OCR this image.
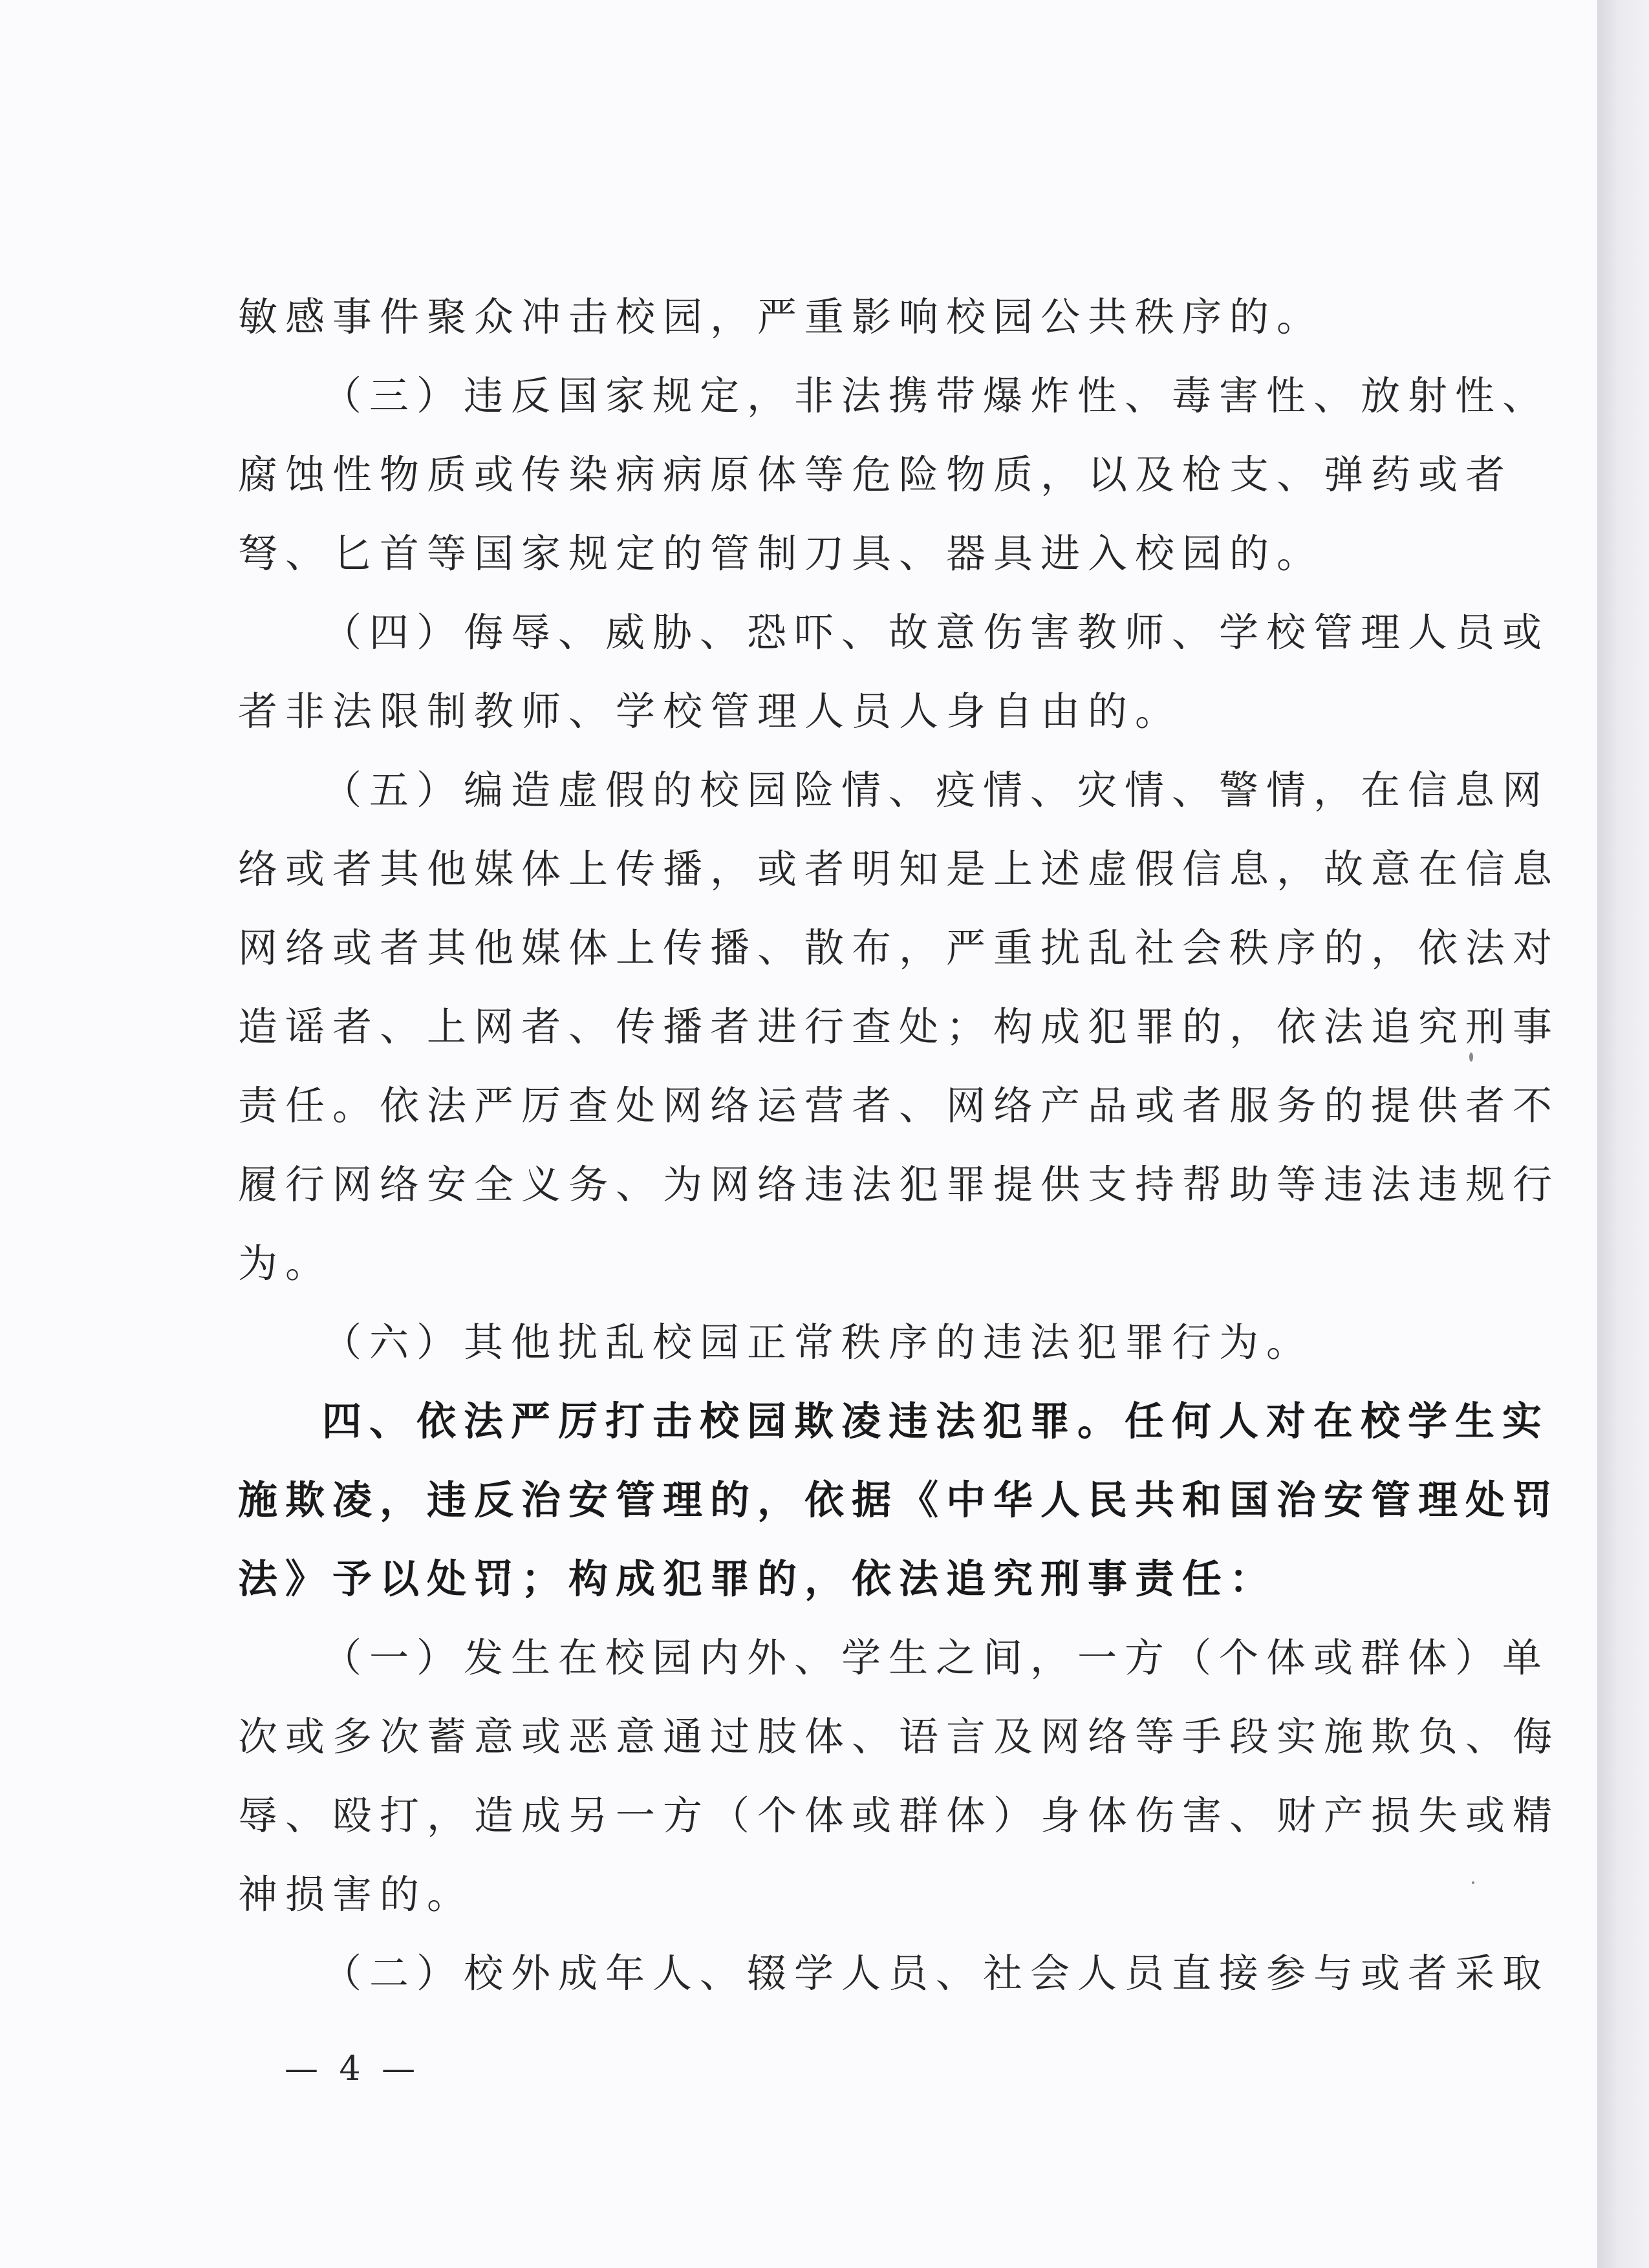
敏感事件聚众冲击校园，严重影响校园公共秩序的。
（三）违反国家规定，非法携带爆炸性、毒害性、放射性、
腐蚀性物质或传染病病原体等危险物质，以及枪支、弹药或者
弩、匕首等国家规定的管制刀具、器具进入校园的。
（四）侮辱、威胁、恐吓、故意伤害教师、学校管理人员或
者非法限制教师、学校管理人员人身自由的。
（五）编造虚假的校园险情、疫情、灾情、警情，在信息网
络或者其他媒体上传播，或者明知是上述虚假信息，故意在信息
网络或者其他媒体上传播、散布，严重扰乱社会秩序的，依法对
造谣者、上网者、传播者进行查处；构成犯罪的，依法追究刑事
责任。依法严厉查处网络运营者、网络产品或者服务的提供者不
履行网络安全义务、为网络违法犯罪提供支持帮助等违法违规行
为。
（六）其他扰乱校园正常秩序的违法犯罪行为。
四、依法严厉打击校园欺凌违法犯罪。任何人对在校学生实
施欺凌，违反治安管理的，依据《中华人民共和国治安管理处罚
法》予以处罚；构成犯罪的，依法追究刑事责任：
（一）发生在校园内外、学生之间，一方（个体或群体）单
次或多次蓄意或恶意通过肢体、语言及网络等手段实施欺负、侮
辱、殴打，造成另一方（个体或群体）身体伤害、财产损失或精
神损害的。
（二）校外成年人、辍学人员、社会人员直接参与或者采取
— 4 —
